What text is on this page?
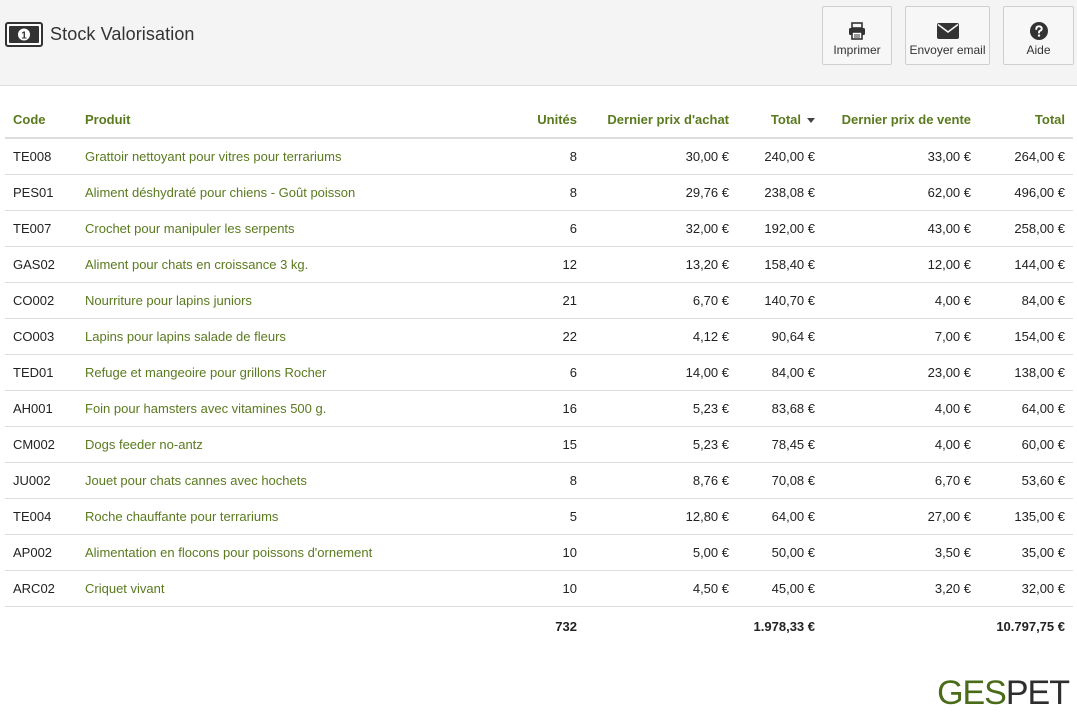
1 Stock Valorisation
Imprimer Envoyer email	Aide
Code	Produit	Unités	Dernier prix d'achat	Total	Dernier prix de vente	Total
TE008	Grattoir nettoyant pour vitres pour terrariums	8	30,00 €	240,00 €	33,00 €	264,00 €
PES01	Aliment déshydraté pour chiens - Goût poisson	8	29,76 €	238,08 €	62,00 €	496,00 €
TE007	Crochet pour manipuler les serpents	6	32,00 €	192,00 €	43,00 €	258,00 €
GAS02	Aliment pour chats en croissance 3 kg.	12	13,20 €	158,40 €	12,00 €	144,00 €
CO002	Nourriture pour lapins juniors	21	6,70 €	140,70 €	4,00 €	84,00 €
CO003	Lapins pour lapins salade de fleurs	22	4,12 €	90,64 €	7,00 €	154,00 €
TED01	Refuge et mangeoire pour grillons Rocher	6	14,00 €	84,00 €	23,00 €	138,00 €
AH001	Foin pour hamsters avec vitamines 500 g.	16	5,23 €	83,68 €	4,00 €	64,00 €
CM002	Dogs feeder no-antz	15	5,23 €	78,45 €	4,00 €	60,00 €
JU002	Jouet pour chats cannes avec hochets	8	8,76 €	70,08 €	6,70 €	53,60 €
TE004	Roche chauffante pour terrariums	5	12,80 €	64,00 €	27,00 €	135,00 €
AP002	Alimentation en flocons pour poissons d'ornement	10	5,00 €	50,00 €	3,50 €	35,00 €
ARC02	Criquet vivant	10	4,50 €	45,00 €	3,20 €	32,00 €
		732		1.978,33 €		10.797,75 €
GESPET
